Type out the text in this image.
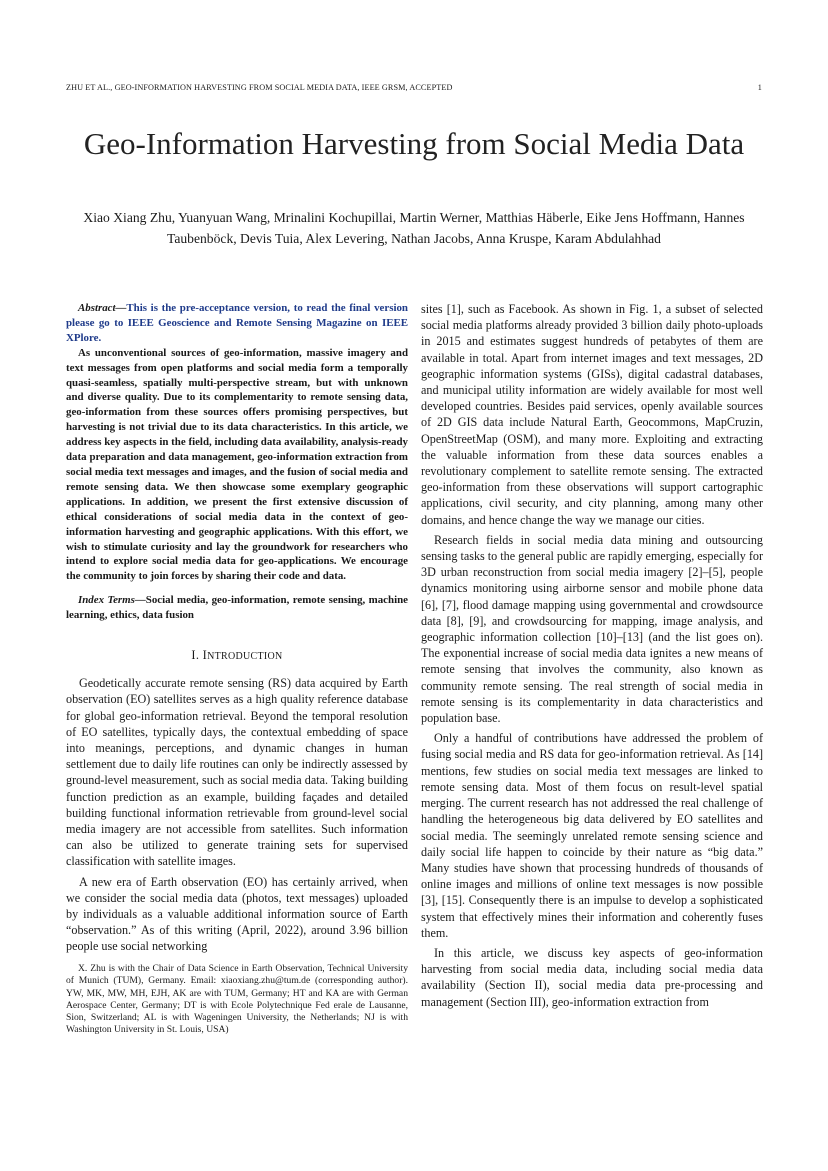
ZHU ET AL., GEO-INFORMATION HARVESTING FROM SOCIAL MEDIA DATA, IEEE GRSM, ACCEPTED	1
Geo-Information Harvesting from Social Media Data
Xiao Xiang Zhu, Yuanyuan Wang, Mrinalini Kochupillai, Martin Werner, Matthias Häberle, Eike Jens Hoffmann, Hannes Taubenböck, Devis Tuia, Alex Levering, Nathan Jacobs, Anna Kruspe, Karam Abdulahhad

Abstract—This is the pre-acceptance version, to read the final version please go to IEEE Geoscience and Remote Sensing Magazine on IEEE XPlore.

As unconventional sources of geo-information, massive imagery and text messages from open platforms and social media form a temporally quasi-seamless, spatially multi-perspective stream, but with unknown and diverse quality. Due to its complementarity to remote sensing data, geo-information from these sources offers promising perspectives, but harvesting is not trivial due to its data characteristics. In this article, we address key aspects in the field, including data availability, analysis-ready data preparation and data management, geo-information extraction from social media text messages and images, and the fusion of social media and remote sensing data. We then showcase some exemplary geographic applications. In addition, we present the first extensive discussion of ethical considerations of social media data in the context of geo-information harvesting and geographic applications. With this effort, we wish to stimulate curiosity and lay the groundwork for researchers who intend to explore social media data for geo-applications. We encourage the community to join forces by sharing their code and data.

Index Terms—Social media, geo-information, remote sensing, machine learning, ethics, data fusion

I. INTRODUCTION

Geodetically accurate remote sensing (RS) data acquired by Earth observation (EO) satellites serves as a high quality reference database for global geo-information retrieval. Beyond the temporal resolution of EO satellites, typically days, the contextual embedding of space into meanings, perceptions, and dynamic changes in human settlement due to daily life routines can only be indirectly assessed by ground-level measurement, such as social media data. Taking building function prediction as an example, building façades and detailed building functional information retrievable from ground-level social media imagery are not accessible from satellites. Such information can also be utilized to generate training sets for supervised classification with satellite images.

A new era of Earth observation (EO) has certainly arrived, when we consider the social media data (photos, text messages) uploaded by individuals as a valuable additional information source of Earth “observation.” As of this writing (April, 2022), around 3.96 billion people use social networking

X. Zhu is with the Chair of Data Science in Earth Observation, Technical University of Munich (TUM), Germany. Email: xiaoxiang.zhu@tum.de (corresponding author). YW, MK, MW, MH, EJH, AK are with TUM, Germany; HT and KA are with German Aerospace Center, Germany; DT is with Ecole Polytechnique Fed erale de Lausanne, Sion, Switzerland; AL is with Wageningen University, the Netherlands; NJ is with Washington University in St. Louis, USA)

sites [1], such as Facebook. As shown in Fig. 1, a subset of selected social media platforms already provided 3 billion daily photo-uploads in 2015 and estimates suggest hundreds of petabytes of them are available in total. Apart from internet images and text messages, 2D geographic information systems (GISs), digital cadastral databases, and municipal utility information are widely available for most well developed countries. Besides paid services, openly available sources of 2D GIS data include Natural Earth, Geocommons, MapCruzin, OpenStreetMap (OSM), and many more. Exploiting and extracting the valuable information from these data sources enables a revolutionary complement to satellite remote sensing. The extracted geo-information from these observations will support cartographic applications, civil security, and city planning, among many other domains, and hence change the way we manage our cities.

Research fields in social media data mining and outsourcing sensing tasks to the general public are rapidly emerging, especially for 3D urban reconstruction from social media imagery [2]–[5], people dynamics monitoring using airborne sensor and mobile phone data [6], [7], flood damage mapping using governmental and crowdsource data [8], [9], and crowdsourcing for mapping, image analysis, and geographic information collection [10]–[13] (and the list goes on). The exponential increase of social media data ignites a new means of remote sensing that involves the community, also known as community remote sensing. The real strength of social media in remote sensing is its complementarity in data characteristics and population base.

Only a handful of contributions have addressed the problem of fusing social media and RS data for geo-information retrieval. As [14] mentions, few studies on social media text messages are linked to remote sensing data. Most of them focus on result-level spatial merging. The current research has not addressed the real challenge of handling the heterogeneous big data delivered by EO satellites and social media. The seemingly unrelated remote sensing science and daily social life happen to coincide by their nature as “big data.” Many studies have shown that processing hundreds of thousands of online images and millions of online text messages is now possible [3], [15]. Consequently there is an impulse to develop a sophisticated system that effectively mines their information and coherently fuses them.

In this article, we discuss key aspects of geo-information harvesting from social media data, including social media data availability (Section II), social media data pre-processing and management (Section III), geo-information extraction from
